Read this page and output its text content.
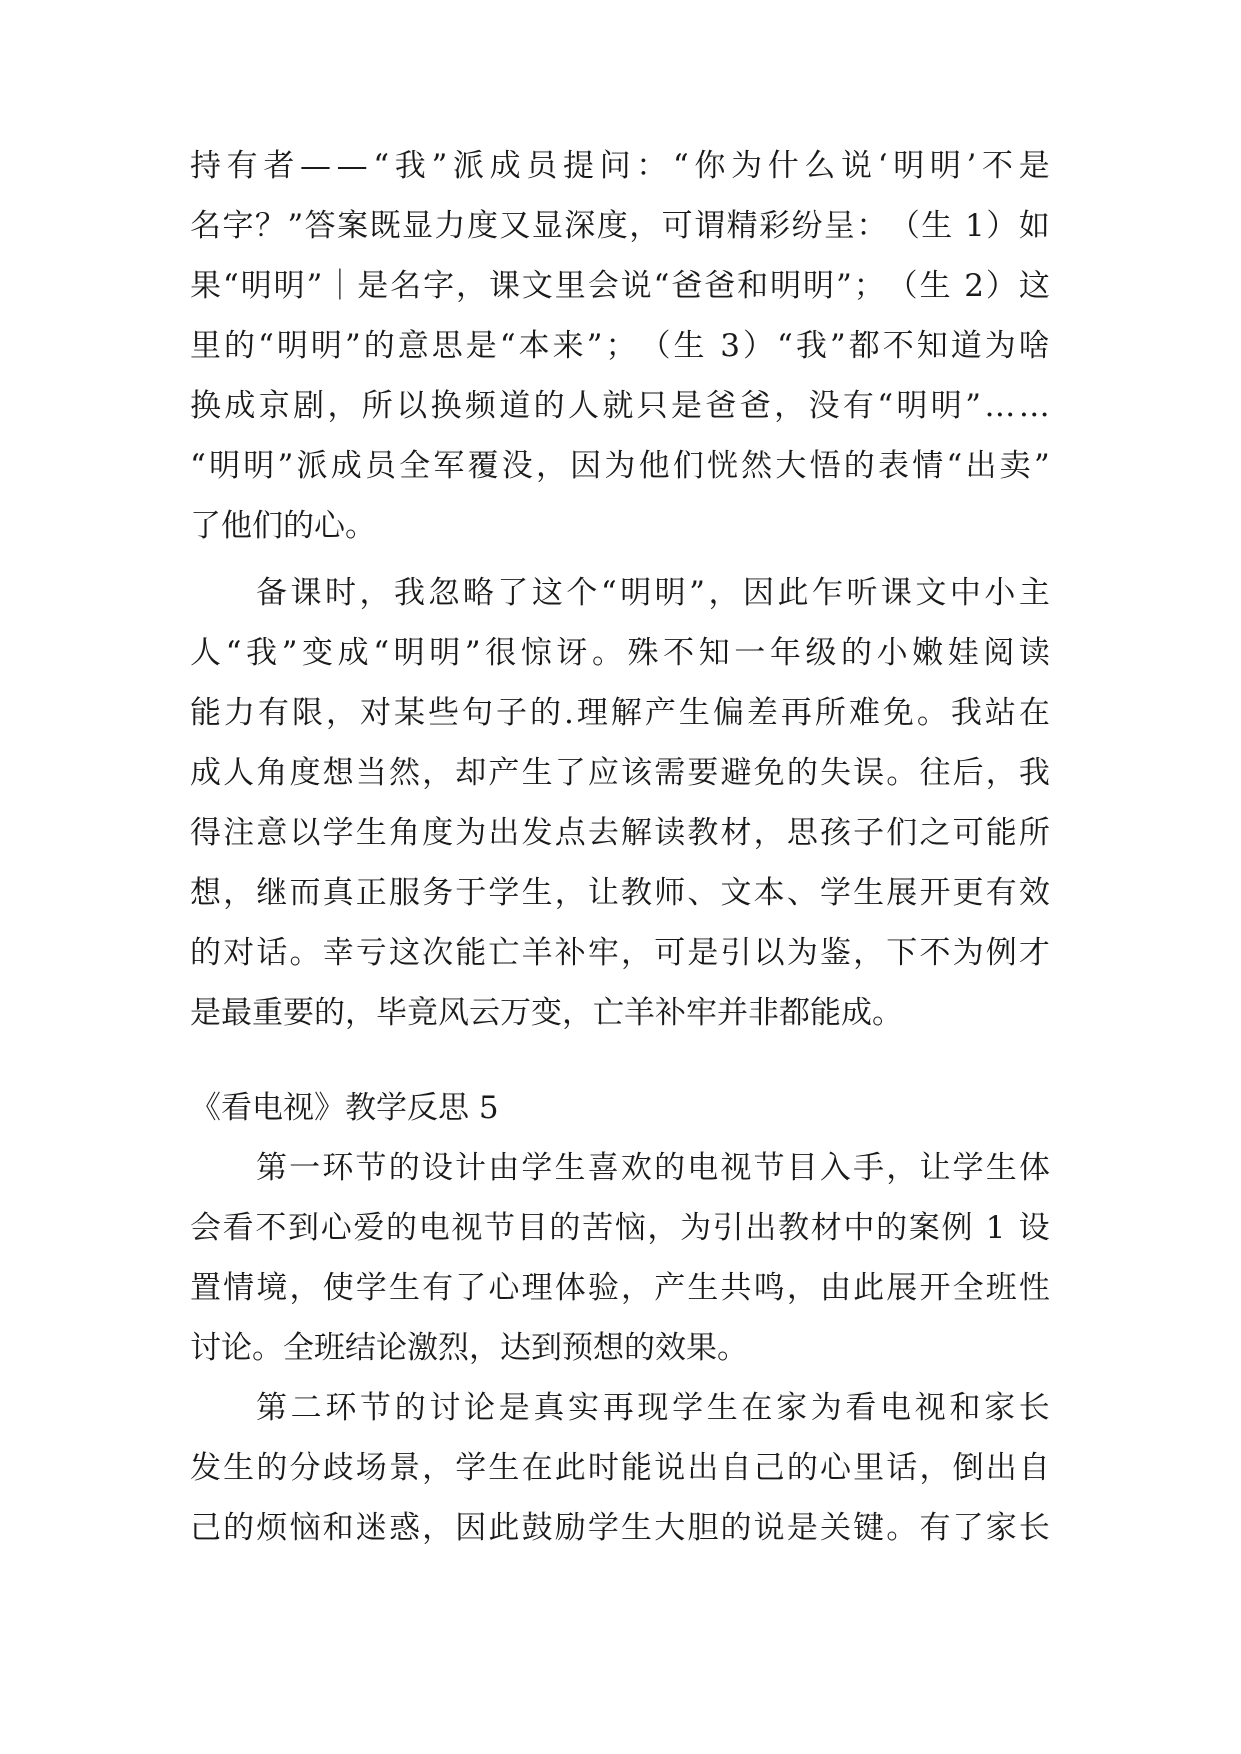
持 有 者 — — “ 我 ” 派 成 员 提 问 ： “ 你 为 什 么 说 ‘ 明 明 ’ 不 是
名 字 ？ ” 答 案 既 显 力 度 又 显 深 度 ， 可 谓 精 彩 纷 呈 ： （ 生
1 ） 如
果 “ 明 明 ” ｜ 是 名 字 ， 课 文 里 会 说 “ 爸 爸 和 明 明 ” ； （ 生
2 ） 这
里 的 “ 明 明 ” 的 意 思 是 “ 本 来 ” ； （ 生
3 ） “ 我 ” 都 不 知 道 为 啥
换 成 京 剧 ， 所 以 换 频 道 的 人 就 只 是 爸 爸 ， 没 有 “ 明 明 ” … …
“ 明 明 ” 派 成 员 全 军 覆 没 ， 因 为 他 们 恍 然 大 悟 的 表 情 “ 出 卖 ”
了他们的心。
备 课 时 ， 我 忽 略 了 这 个 “ 明 明 ” ， 因 此 乍 听 课 文 中 小 主
人 “ 我 ” 变 成 “ 明 明 ” 很 惊 讶 。 殊 不 知 一 年 级 的 小 嫩 娃 阅 读
能 力 有 限 ， 对 某 些 句 子 的 . 理 解 产 生 偏 差 再 所 难 免 。 我 站 在
成 人 角 度 想 当 然 ， 却 产 生 了 应 该 需 要 避 免 的 失 误 。 往 后 ， 我
得 注 意 以 学 生 角 度 为 出 发 点 去 解 读 教 材 ， 思 孩 子 们 之 可 能 所
想 ， 继 而 真 正 服 务 于 学 生 ， 让 教 师 、 文 本 、 学 生 展 开 更 有 效
的 对 话 。 幸 亏 这 次 能 亡 羊 补 牢 ， 可 是 引 以 为 鉴 ， 下 不 为 例 才
是最重要的，毕竟风云万变，亡羊补牢并非都能成。
《看电视》教学反思 5
第 一 环 节 的 设 计 由 学 生 喜 欢 的 电 视 节 目 入 手 ， 让 学 生 体
会 看 不 到 心 爱 的 电 视 节 目 的 苦 恼 ， 为 引 出 教 材 中 的 案 例
1
设
置 情 境 ， 使 学 生 有 了 心 理 体 验 ， 产 生 共 鸣 ， 由 此 展 开 全 班 性
讨论。全班结论激烈，达到预想的效果。
第 二 环 节 的 讨 论 是 真 实 再 现 学 生 在 家 为 看 电 视 和 家 长
发 生 的 分 歧 场 景 ， 学 生 在 此 时 能 说 出 自 己 的 心 里 话 ， 倒 出 自
己 的 烦 恼 和 迷 惑 ， 因 此 鼓 励 学 生 大 胆 的 说 是 关 键 。 有 了 家 长
